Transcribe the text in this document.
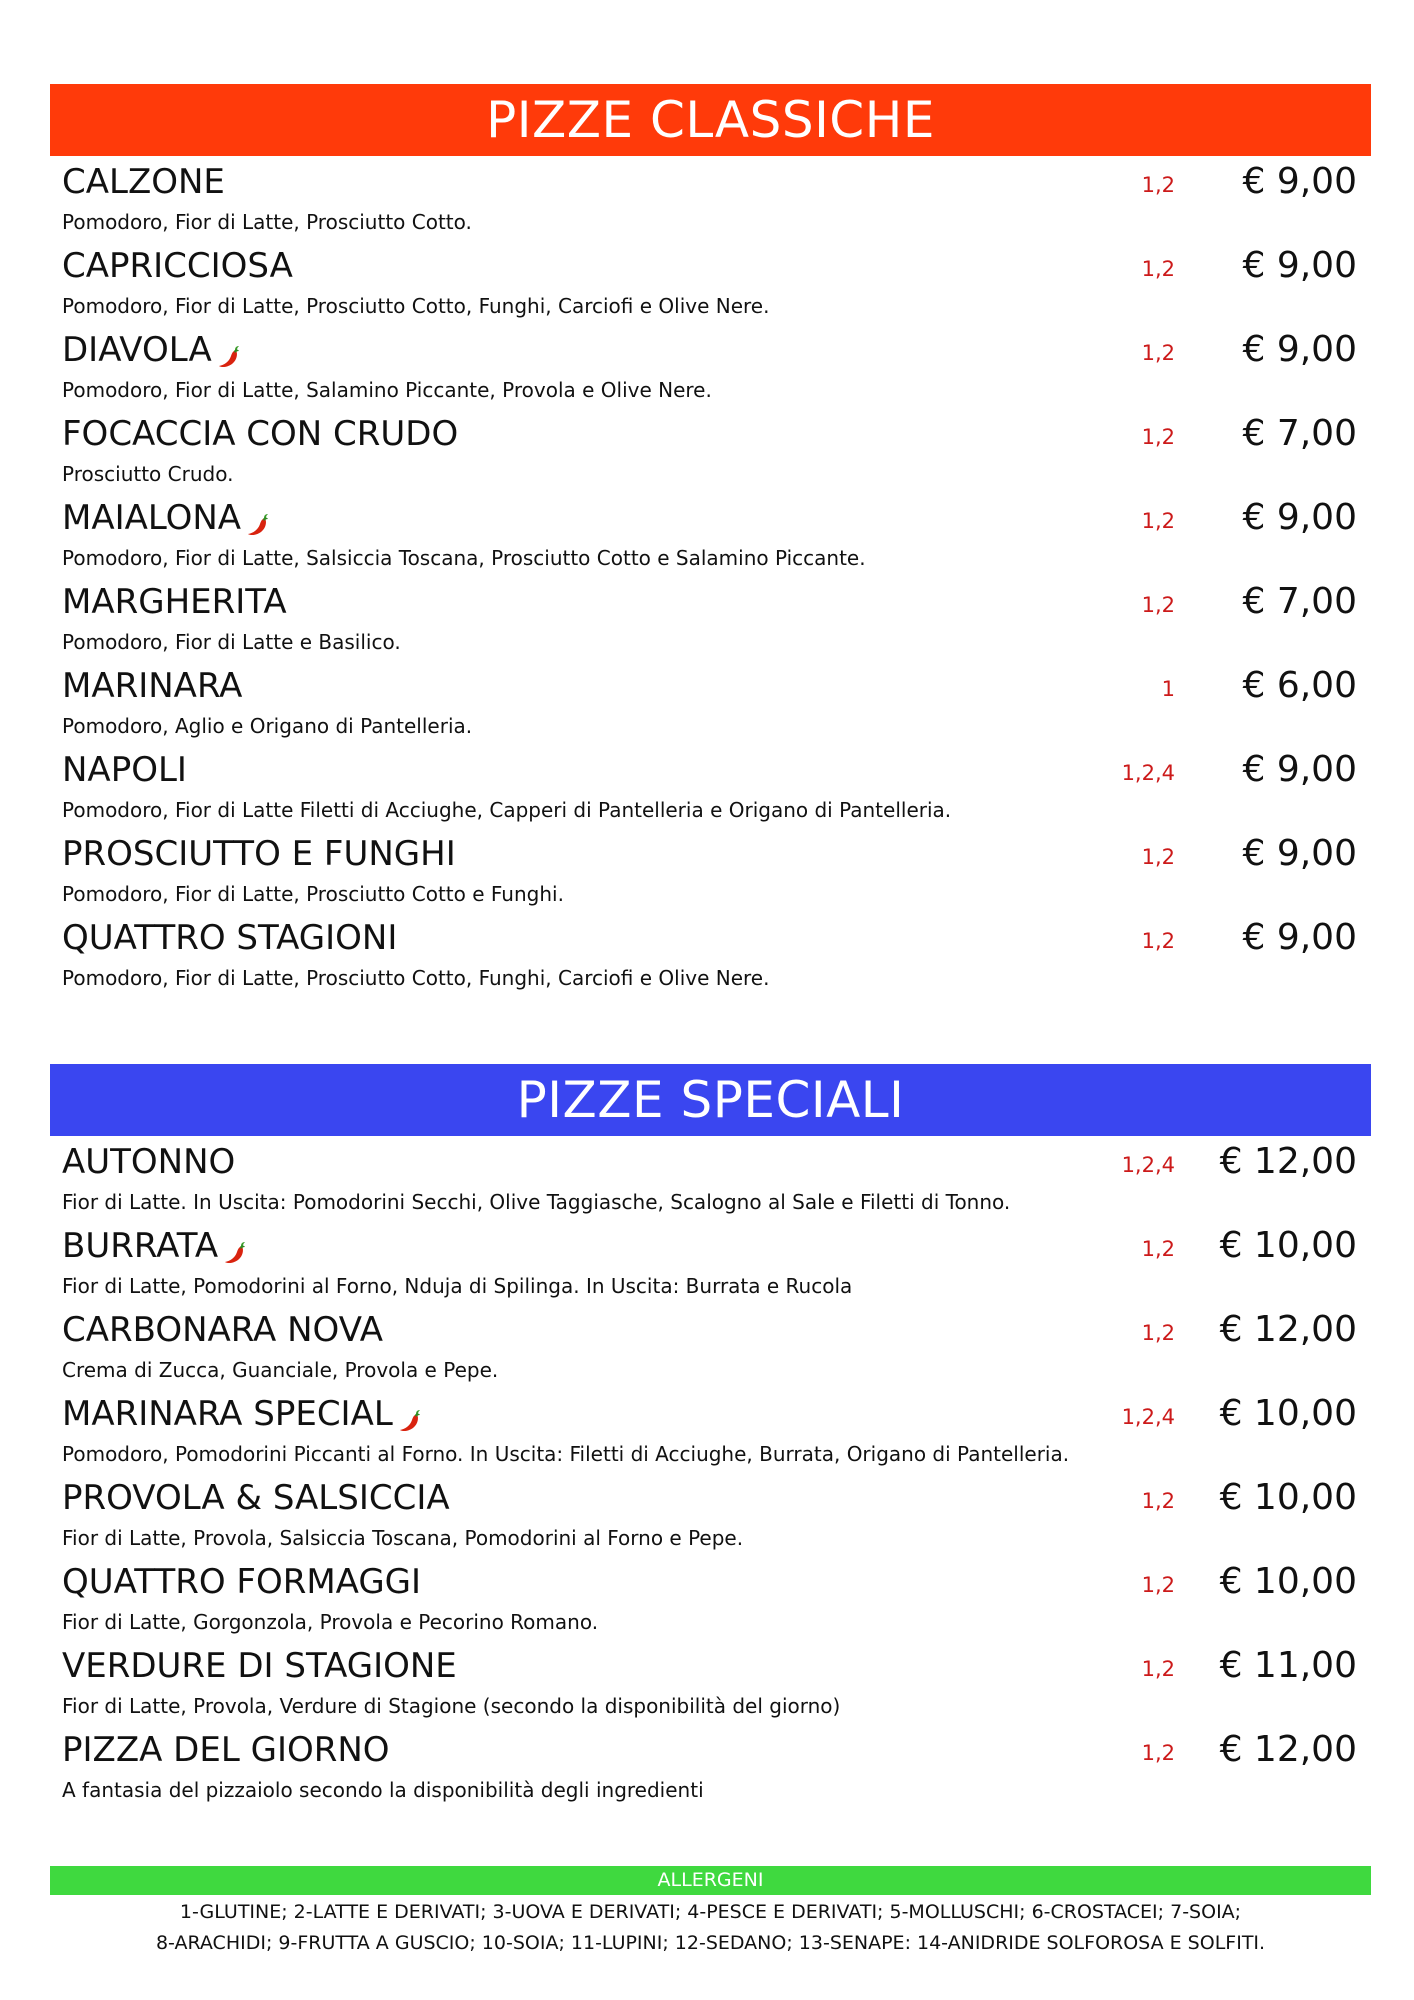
PIZZE CLASSICHE
CALZONE	1,2 € 9,00
Pomodoro, Fior di Latte, Prosciutto Cotto.
CAPRICCIOSA	1,2 € 9,00
Pomodoro, Fior di Latte, Prosciutto Cotto, Funghi, Carciofi e Olive Nere.
DIAVOLA	1,2 € 9,00
Pomodoro, Fior di Latte, Salamino Piccante, Provola e Olive Nere.
FOCACCIA CON CRUDO	1,2 € 7,00
Prosciutto Crudo.
MAIALONA	1,2 € 9,00
Pomodoro, Fior di Latte, Salsiccia Toscana, Prosciutto Cotto e Salamino Piccante.
MARGHERITA	1,2 € 7,00
Pomodoro, Fior di Latte e Basilico.
MARINARA	1 € 6,00
Pomodoro, Aglio e Origano di Pantelleria.
NAPOLI	1,2,4 € 9,00
Pomodoro, Fior di Latte Filetti di Acciughe, Capperi di Pantelleria e Origano di Pantelleria.
PROSCIUTTO E FUNGHI	1,2 € 9,00
Pomodoro, Fior di Latte, Prosciutto Cotto e Funghi.
QUATTRO STAGIONI	1,2 € 9,00
Pomodoro, Fior di Latte, Prosciutto Cotto, Funghi, Carciofi e Olive Nere.
PIZZE SPECIALI
AUTONNO	1,2,4 € 12,00
Fior di Latte. In Uscita: Pomodorini Secchi, Olive Taggiasche, Scalogno al Sale e Filetti di Tonno.
BURRATA	1,2 € 10,00
Fior di Latte, Pomodorini al Forno, Nduja di Spilinga. In Uscita: Burrata e Rucola
CARBONARA NOVA	1,2 € 12,00
Crema di Zucca, Guanciale, Provola e Pepe.
MARINARA SPECIAL	1,2,4 € 10,00
Pomodoro, Pomodorini Piccanti al Forno. In Uscita: Filetti di Acciughe, Burrata, Origano di Pantelleria.
PROVOLA & SALSICCIA	1,2 € 10,00
Fior di Latte, Provola, Salsiccia Toscana, Pomodorini al Forno e Pepe.
QUATTRO FORMAGGI	1,2 € 10,00
Fior di Latte, Gorgonzola, Provola e Pecorino Romano.
VERDURE DI STAGIONE	1,2 € 11,00
Fior di Latte, Provola, Verdure di Stagione (secondo la disponibilità del giorno)
PIZZA DEL GIORNO	1,2 € 12,00
A fantasia del pizzaiolo secondo la disponibilità degli ingredienti
ALLERGENI
1-GLUTINE; 2-LATTE E DERIVATI; 3-UOVA E DERIVATI; 4-PESCE E DERIVATI; 5-MOLLUSCHI; 6-CROSTACEI; 7-SOIA;
8-ARACHIDI; 9-FRUTTA A GUSCIO; 10-SOIA; 11-LUPINI; 12-SEDANO; 13-SENAPE: 14-ANIDRIDE SOLFOROSA E SOLFITI.
